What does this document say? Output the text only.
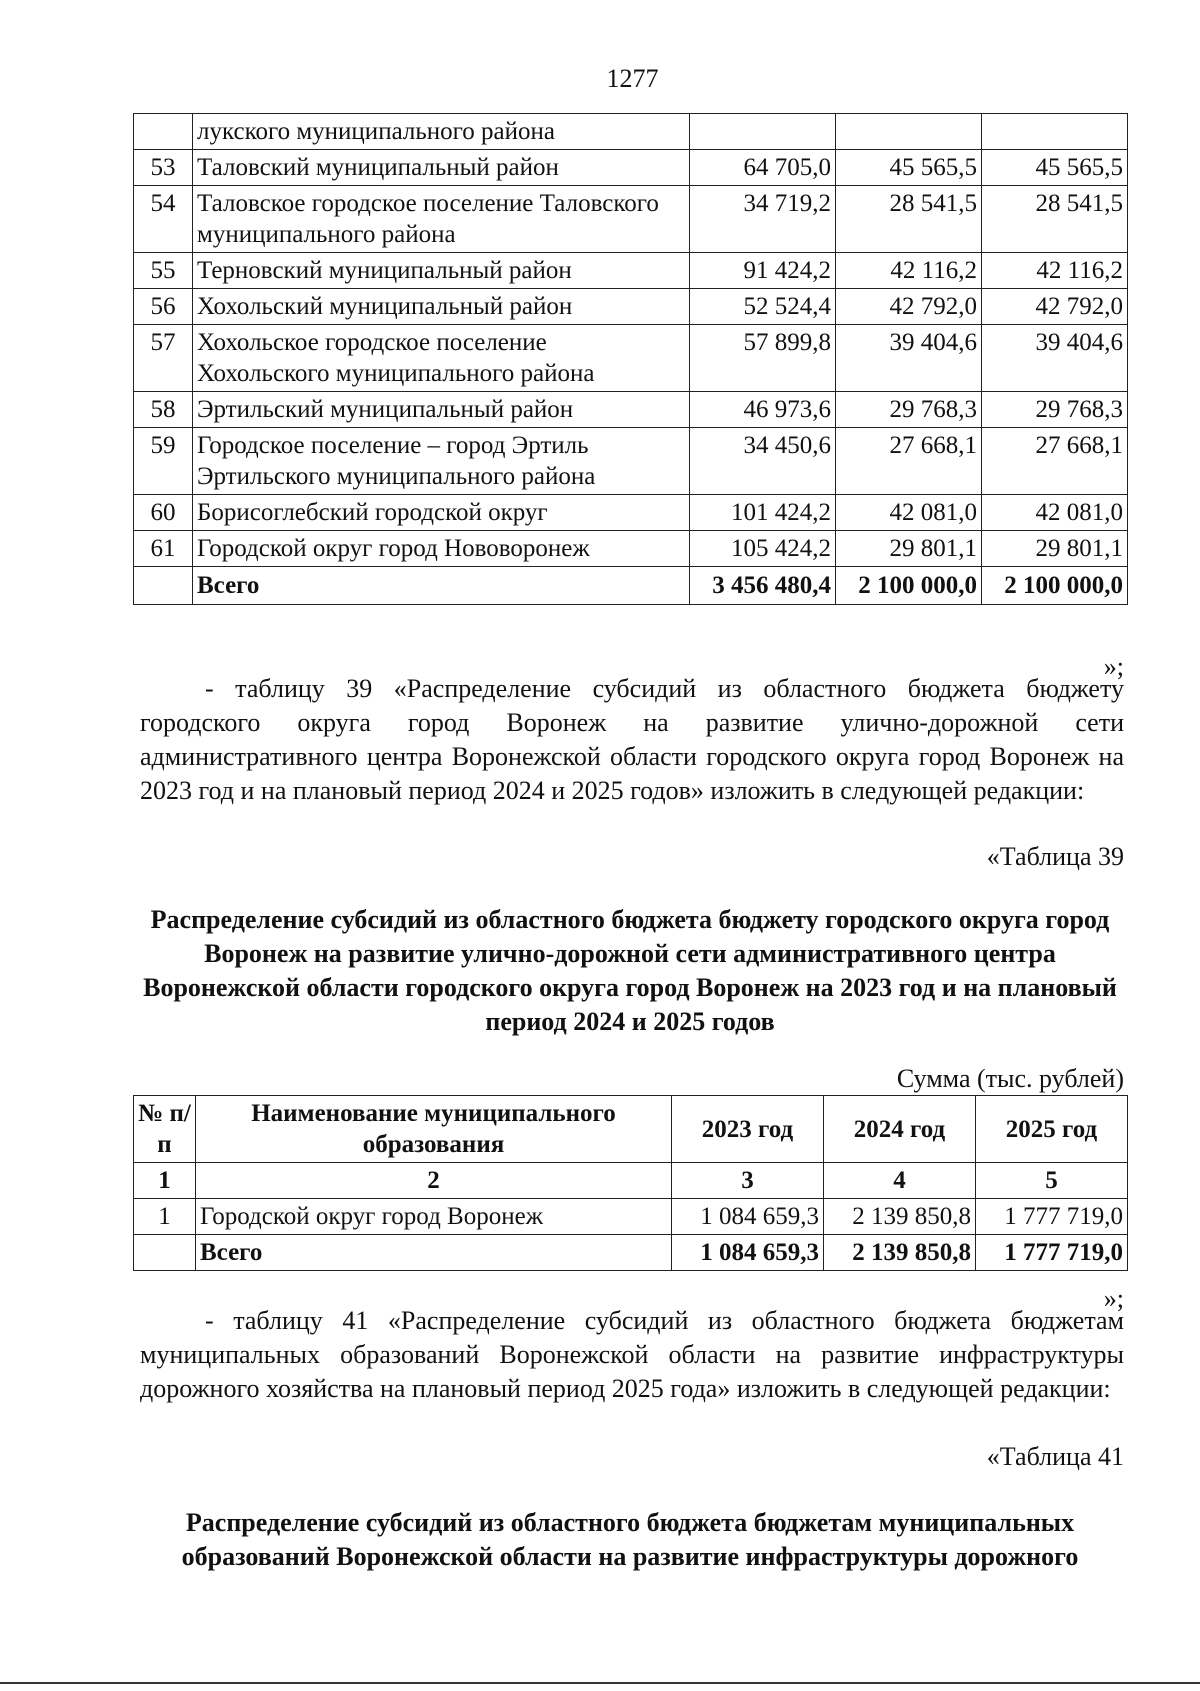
1277
	лукского муниципального района			
53	Таловский муниципальный район	64 705,0	45 565,5	45 565,5
54	Таловское городское поселение Таловского муниципального района	34 719,2	28 541,5	28 541,5
55	Терновский муниципальный район	91 424,2	42 116,2	42 116,2
56	Хохольский муниципальный район	52 524,4	42 792,0	42 792,0
57	Хохольское городское поселение Хохольского муниципального района	57 899,8	39 404,6	39 404,6
58	Эртильский муниципальный район	46 973,6	29 768,3	29 768,3
59	Городское поселение – город Эртиль Эртильского муниципального района	34 450,6	27 668,1	27 668,1
60	Борисоглебский городской округ	101 424,2	42 081,0	42 081,0
61	Городской округ город Нововоронеж	105 424,2	29 801,1	29 801,1
	Всего	3 456 480,4	2 100 000,0	2 100 000,0
»;

- таблицу 39 «Распределение субсидий из областного бюджета бюджету городского округа город Воронеж на развитие улично-дорожной сети административного центра Воронежской области городского округа город Воронеж на 2023 год и на плановый период 2024 и 2025 годов» изложить в следующей редакции:

«Таблица 39

Распределение субсидий из областного бюджета бюджету городского округа город Воронеж на развитие улично-дорожной сети административного центра Воронежской области городского округа город Воронеж на 2023 год и на плановый период 2024 и 2025 годов

Сумма (тыс. рублей)
№ п/п	Наименование муниципального образования	2023 год	2024 год	2025 год
1	2	3	4	5
1	Городской округ город Воронеж	1 084 659,3	2 139 850,8	1 777 719,0
	Всего	1 084 659,3	2 139 850,8	1 777 719,0
»;

- таблицу 41 «Распределение субсидий из областного бюджета бюджетам муниципальных образований Воронежской области на развитие инфраструктуры дорожного хозяйства на плановый период 2025 года» изложить в следующей редакции:

«Таблица 41

Распределение субсидий из областного бюджета бюджетам муниципальных образований Воронежской области на развитие инфраструктуры дорожного
